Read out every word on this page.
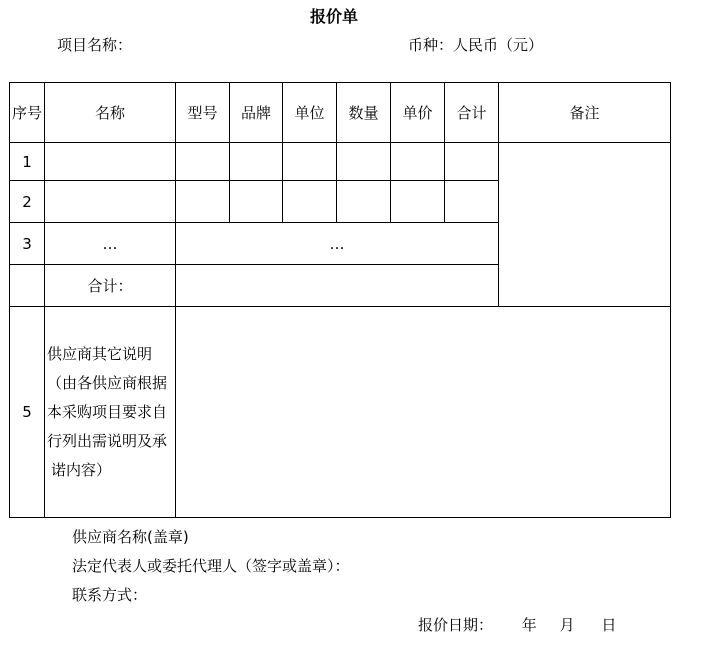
报价单
项目名称：	币种：人民币（元）
序号	名称	型号	品牌	单位	数量	单价	合计	备注
1								
2								
3	…	…						
	合计：							
5	供应商其它说明
（由各供应商根据
本采购项目要求自
行列出需说明及承
诺内容）							

供应商名称(盖章)
法定代表人或委托代理人（签字或盖章）：
联系方式：
报价日期： 年 月 日
